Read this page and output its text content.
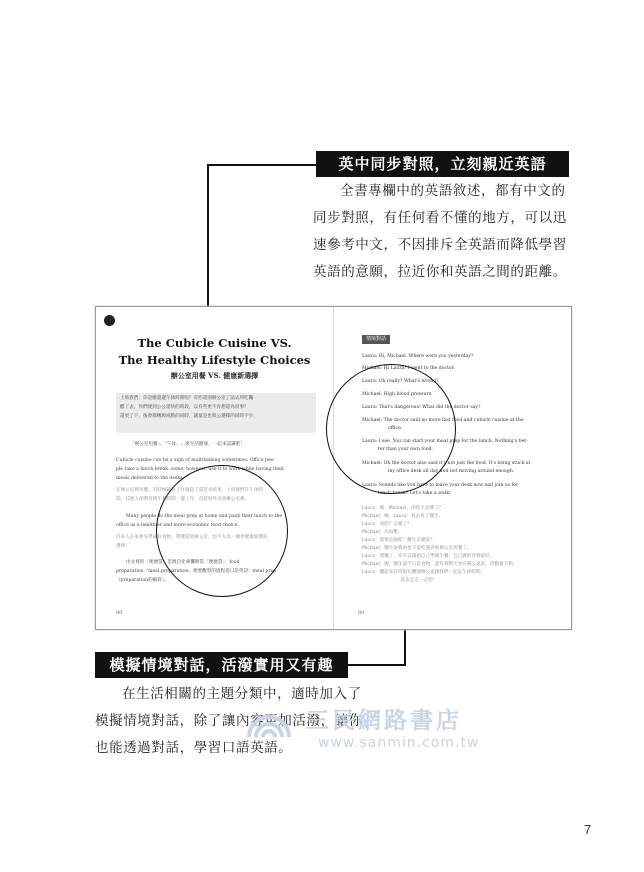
英中同步對照，立刻親近英語
全書專欄中的英語敘述，都有中文的
同步對照，有任何看不懂的地方，可以迅
速參考中文，不因排斥全英語而降低學習
英語的意願，拉近你和英語之間的距離。
The Cubicle Cuisine VS.
The Healthy Lifestyle Choices
辦公室用餐 VS. 健康新選擇
上班族們，你是麼還邊午休時間呢？有些還別辦公室了前去所吃饞
醋了去，你們使到公公還快的時段，以有些更不肯想還為同事？
還更了下，後會都轉與或動的同時，讓量是也與公選擇的同時不少，
「辦公室用餐」、「午休」…與生活健康，一起來認識吧！
Cubicle cuisine can be a sign of multitasking sometimes. Office peo-
ple take a lunch break, some, however, use it to work while having their
meals delivered to the desks.
在辦公室裡用餐，有時候就員工作量超了還是多結果。上班族們在午休時
間，其他人卻利用時午餐時間一邊工作，直接叫外送到辦公室裡。
Many people do the meal prep at home and pack their lunch to the
office as a healthier and more economic food choice.
許多人在家裡先準備好食物，帶便當到辦公室，也不失為一個更健康經濟的
選擇！
中文裡的「便便當」是源自化專攤餅當「便便當」：food
preparation／meal preparation，便要觀察的過程從口語英語：meal prep
（preparation的縮寫）。
80
情境對話
Laura: Hi, Michael. Where were you yesterday?
Michael: Hi Laura! I went to the doctor.
Laura: Oh really? What's wrong?
Michael: High blood pressure.
Laura: That's dangerous! What did the doctor say?
Michael: The doctor said no more fast food and cubicle cuisine at the
office.
Laura: I see. You can start your meal prep for the lunch. Nothing's bet-
ter than your own food.
Michael: Oh the doctor also said it's not just the food. It's being stuck at
my office desk all day and not moving around enough.
Laura: Sounds like you have to leave your desk now and join us for
lunch break? Let's take a walk!
Laura：嗨，Michael，你昨天去哪了？
Michael：嗨，Laura！我去看了醫生。
Laura：真的？怎麼了？
Michael：高血壓。
Laura：那很危險耶！醫生怎麼說？
Michael：醫生說我再也不能吃速食和辦公室用餐了。
Laura：我懂了，你可以開始自己準備午餐，自己做的食物最好。
Michael：喔，醫生說不只是食物，還有我整天坐在辦公桌前，活動量不夠。
Laura：聽起來你得現在離開辦公桌跟我們一起去午休時間，
一起去走走一走吧！
80
模擬情境對話，活潑實用又有趣
在生活相關的主題分類中，適時加入了
模擬情境對話，除了讓內容更加活潑，讓你
也能透過對話，學習口語英語。
三民網路書店
www.sanmin.com.tw
7
